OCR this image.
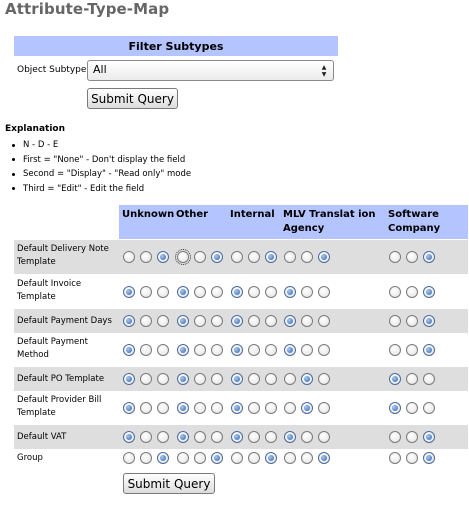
Attribute-Type-Map
Filter Subtypes
Object Subtype All	▲
▼
Submit Query
Explanation
N - D - E
First = "None" - Don't display the field
Second = "Display" - "Read only" mode
Third = "Edit" - Edit the field
Unknown Other Internal MLV Translat ion Agency
Software Company
Default Delivery Note Template
Default Invoice Template
Default Payment Days
Default Payment Method
Default PO Template
Default Provider Bill Template
Default VAT
Group
Submit Query
